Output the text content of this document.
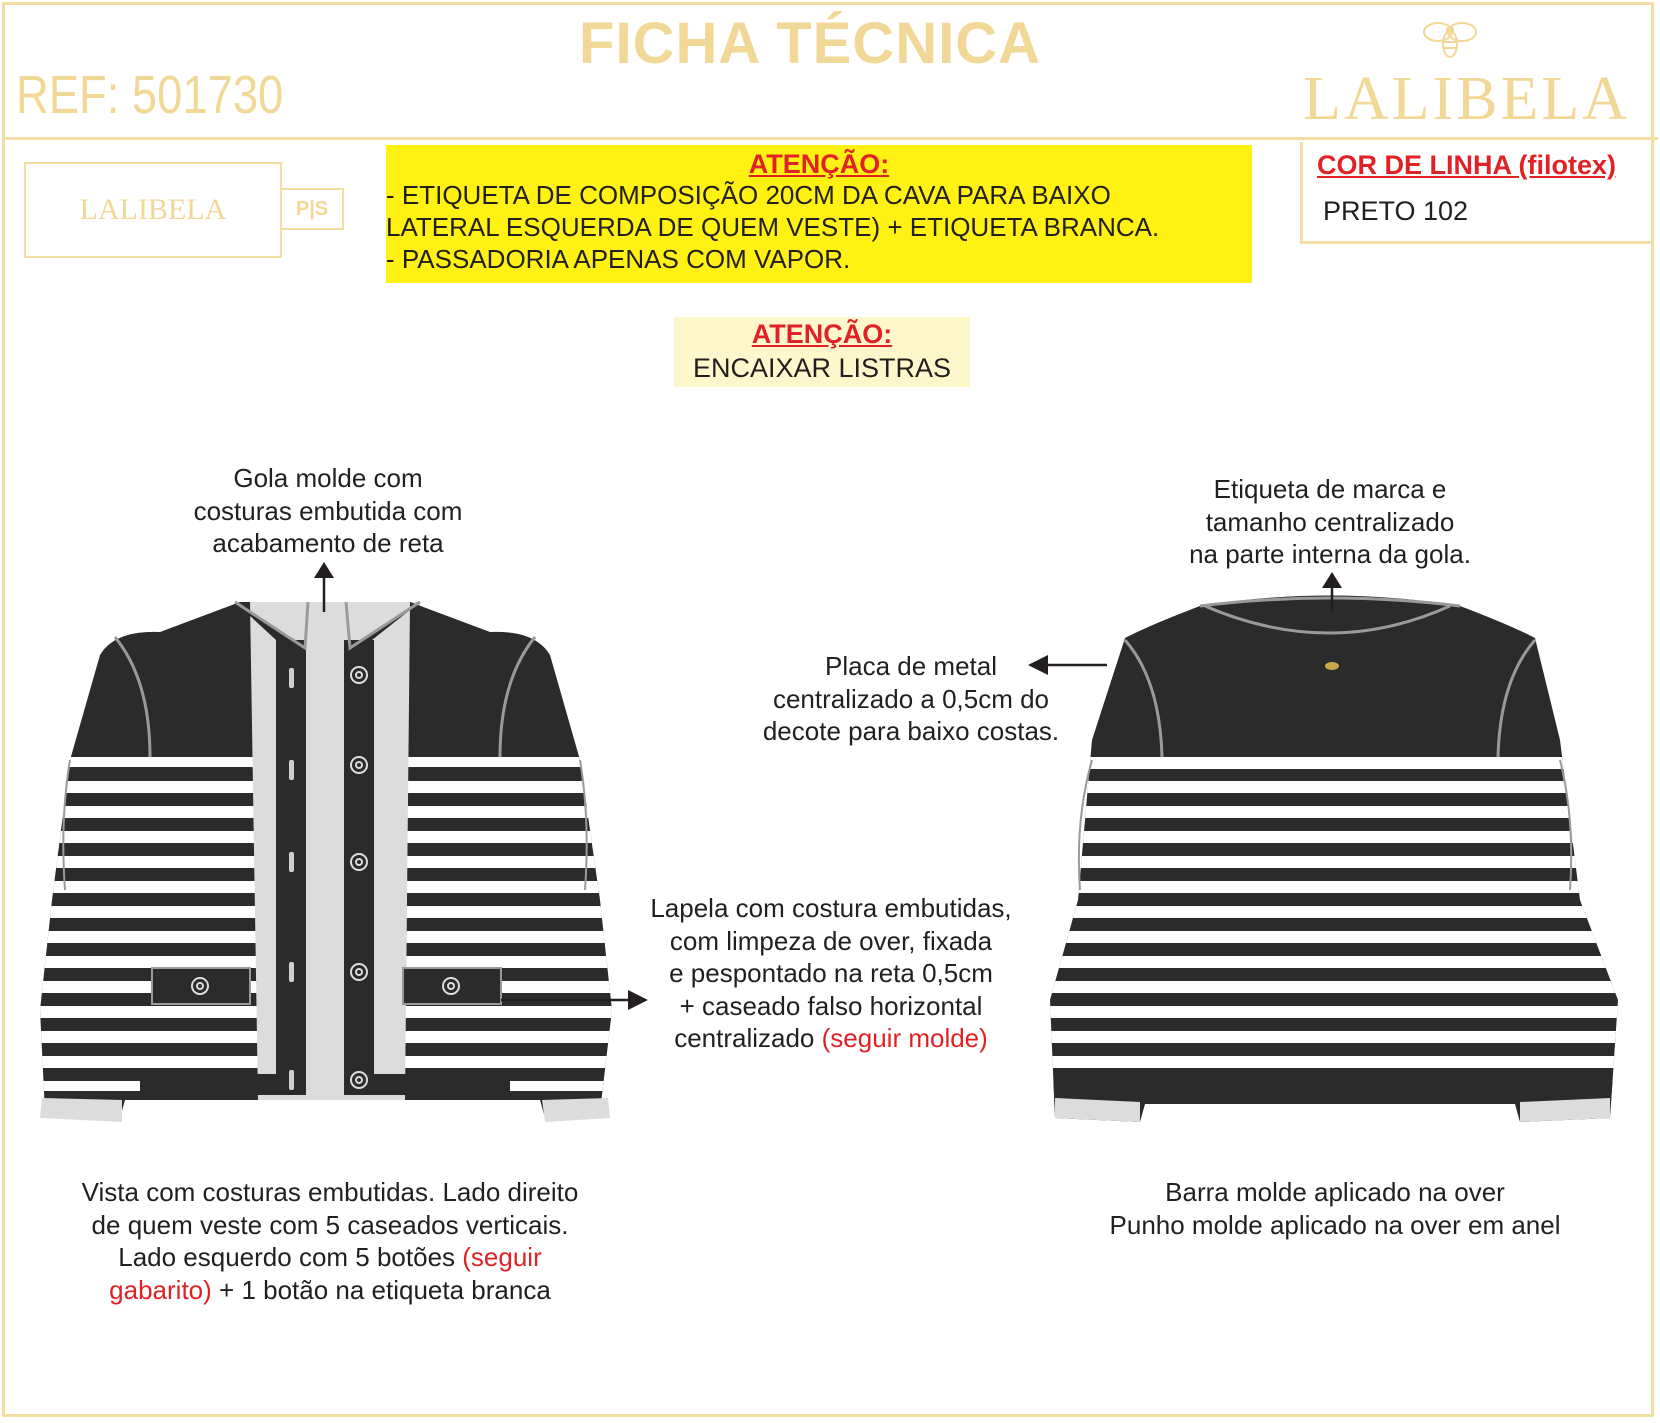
FICHA TÉCNICA
REF: 501730	LALIBELA
LALIBELA	P|S
ATENÇÃO:
- ETIQUETA DE COMPOSIÇÃO 20CM DA CAVA PARA BAIXO
LATERAL ESQUERDA DE QUEM VESTE) + ETIQUETA BRANCA.
- PASSADORIA APENAS COM VAPOR.
COR DE LINHA (filotex)
PRETO 102
ATENÇÃO:
ENCAIXAR LISTRAS
Gola molde com
costuras embutida com
acabamento de reta
Etiqueta de marca e
tamanho centralizado
na parte interna da gola.
Placa de metal
centralizado a 0,5cm do
decote para baixo costas.
Lapela com costura embutidas,
com limpeza de over, fixada
e pespontado na reta 0,5cm
+ caseado falso horizontal
centralizado (seguir molde)
Vista com costuras embutidas. Lado direito
de quem veste com 5 caseados verticais.
Lado esquerdo com 5 botões (seguir
gabarito) + 1 botão na etiqueta branca
Barra molde aplicado na over
Punho molde aplicado na over em anel
